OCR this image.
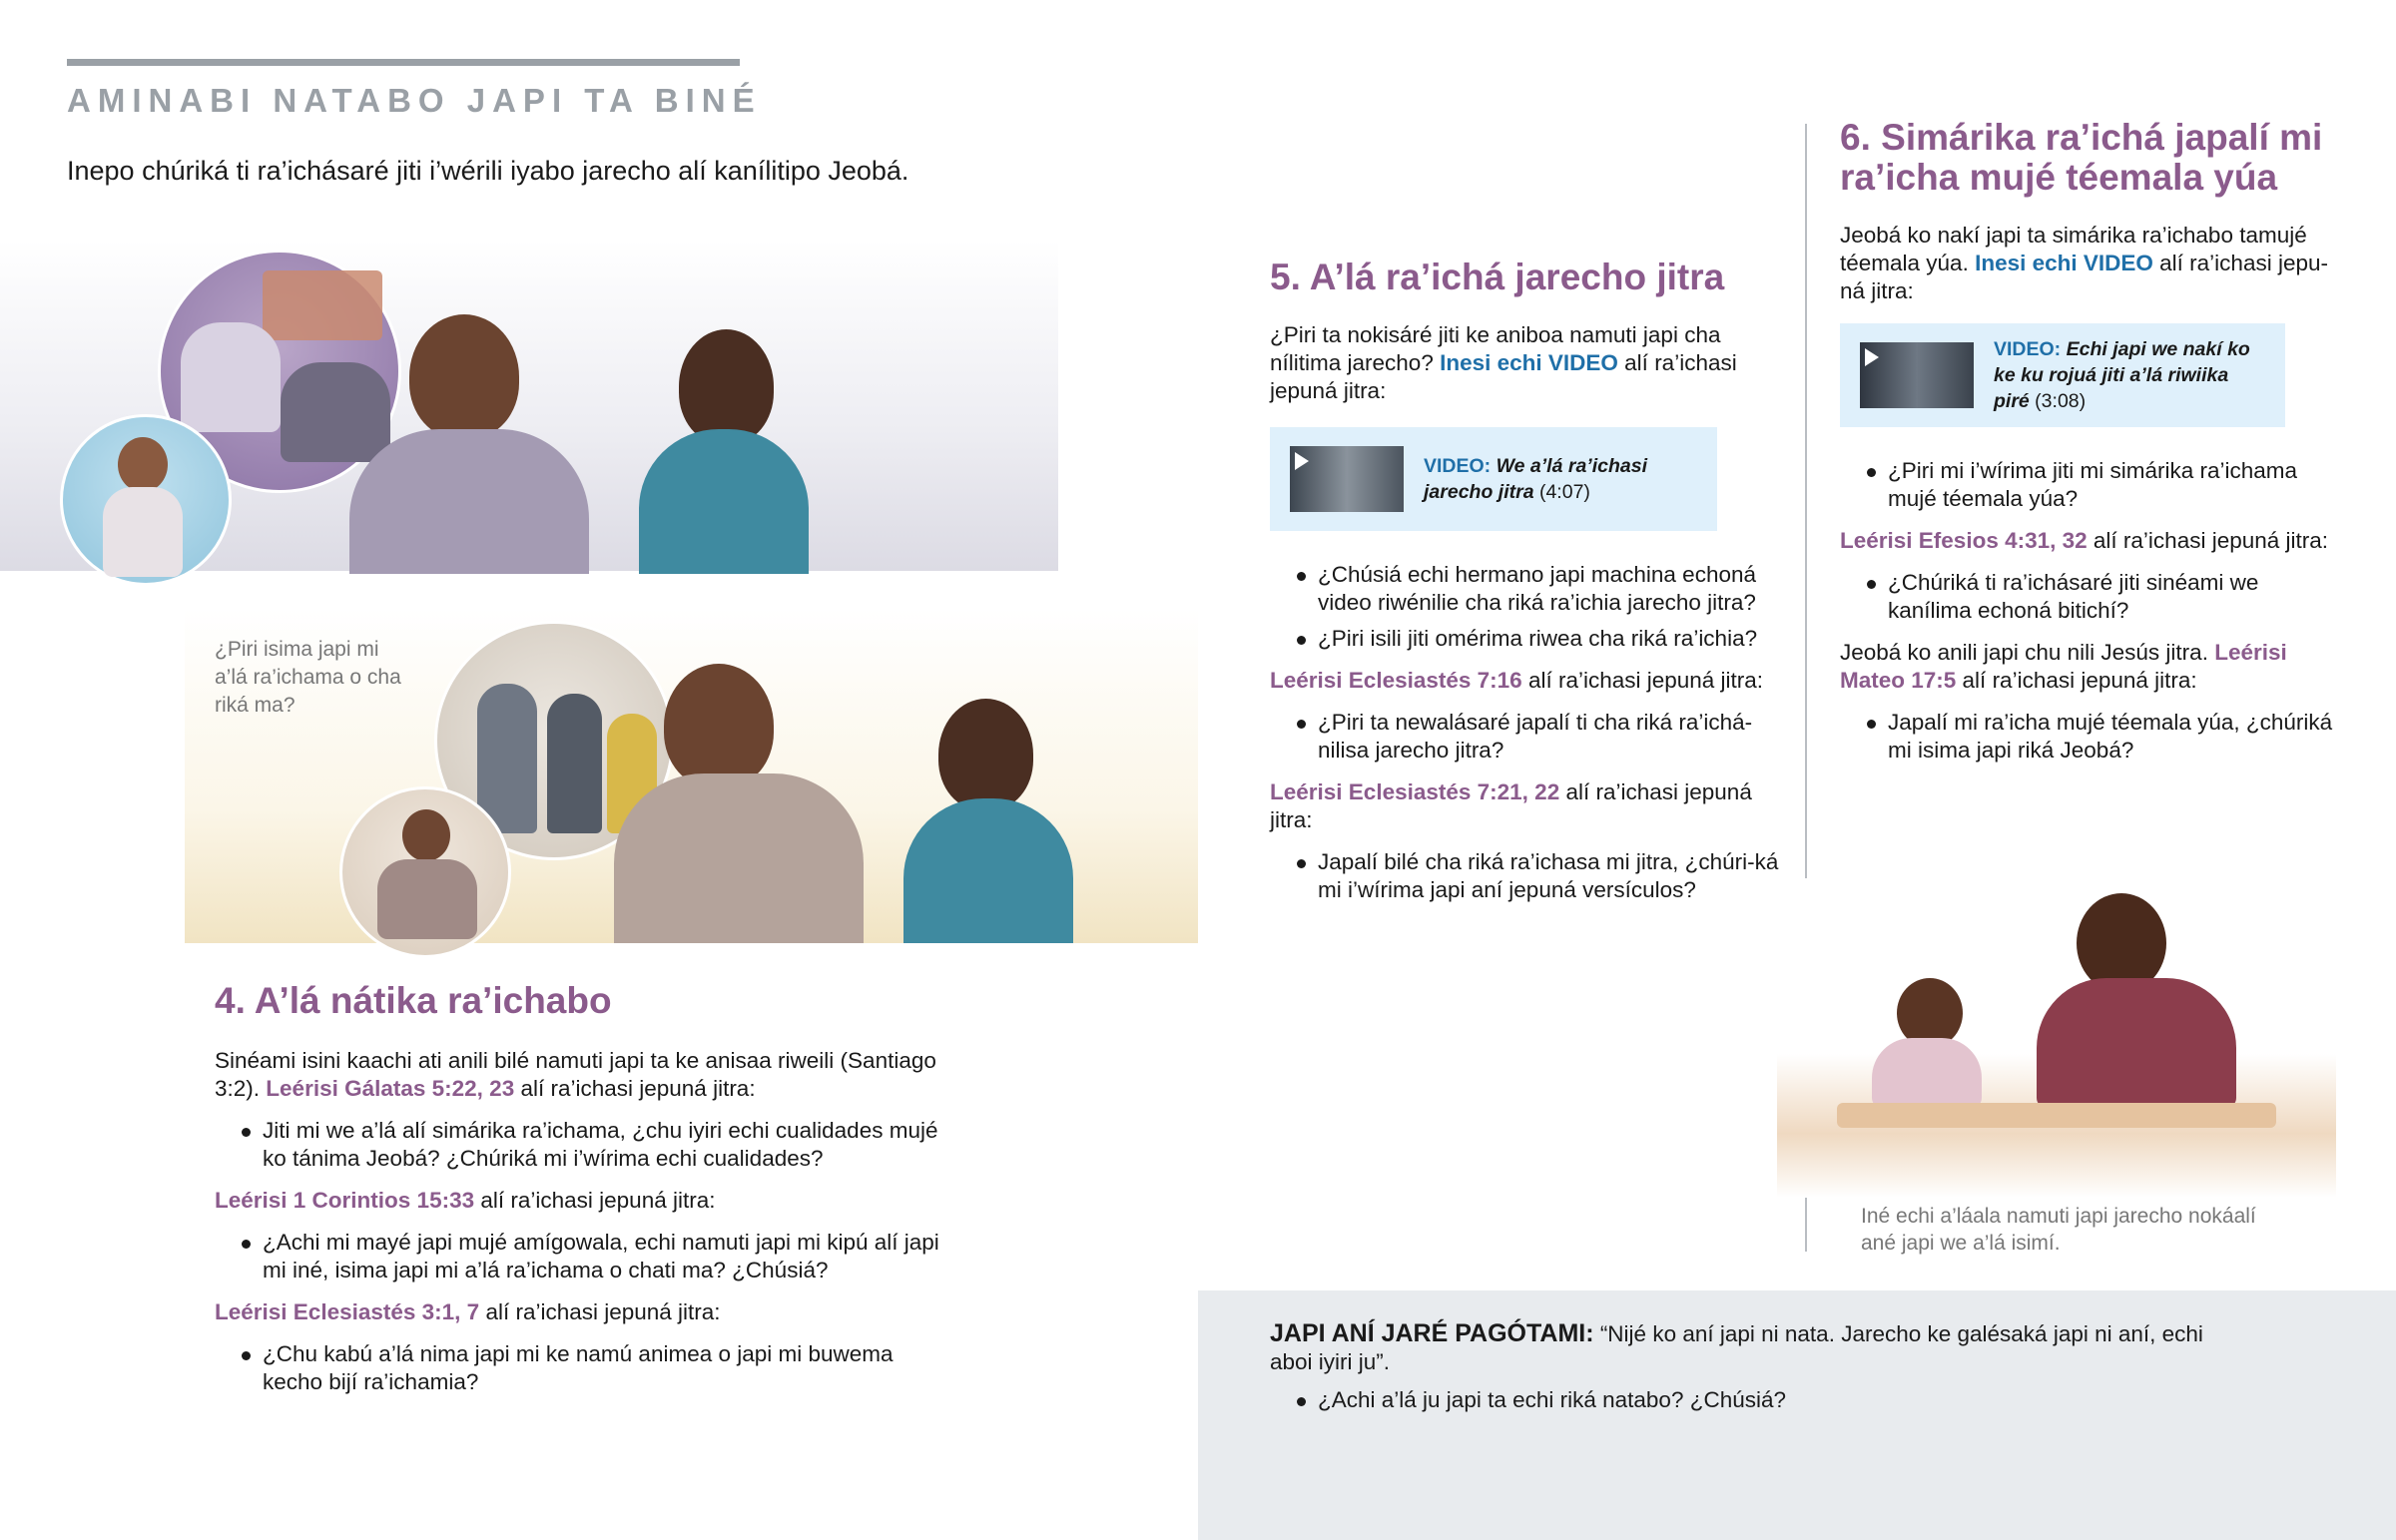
AMINABI NATABO JAPI TA BINÉ
Inepo chúriká ti ra’ichásaré jiti i’wérili iyabo jarecho alí kanílitipo Jeobá.
¿Piri isima japi mi a’lá ra’ichama o cha riká ma?
4. A’lá nátika ra’ichabo

Sinéami isini kaachi ati anili bilé namuti japi ta ke anisaa riweili (Santiago 3:2). Leérisi Gálatas 5:22, 23 alí ra’ichasi jepuná jitra:

Jiti mi we a’lá alí simárika ra’ichama, ¿chu iyiri echi cualidades mujé ko tánima Jeobá? ¿Chúriká mi i’wírima echi cualidades?

Leérisi 1 Corintios 15:33 alí ra’ichasi jepuná jitra:

¿Achi mi mayé japi mujé amígowala, echi namuti japi mi kipú alí japi mi iné, isima japi mi a’lá ra’ichama o chati ma? ¿Chúsiá?

Leérisi Eclesiastés 3:1, 7 alí ra’ichasi jepuná jitra:

¿Chu kabú a’lá nima japi mi ke namú animea o japi mi buwema kecho bijí ra’ichamia?
5. A’lá ra’ichá jarecho jitra

¿Piri ta nokisáré jiti ke aniboa namuti japi cha nílitima jarecho? Inesi echi VIDEO alí ra’ichasi jepuná jitra:

VIDEO: We a’lá ra’ichasi jarecho jitra (4:07)
¿Chúsiá echi hermano japi machina echoná video riwénilie cha riká ra’ichia jarecho jitra?
¿Piri isili jiti omérima riwea cha riká ra’ichia?

Leérisi Eclesiastés 7:16 alí ra’ichasi jepuná jitra:

¿Piri ta newalásaré japalí ti cha riká ra’ichá-nilisa jarecho jitra?

Leérisi Eclesiastés 7:21, 22 alí ra’ichasi jepuná jitra:

Japalí bilé cha riká ra’ichasa mi jitra, ¿chúri-ká mi i’wírima japi aní jepuná versículos?
6. Simárika ra’ichá japalí mi ra’icha mujé téemala yúa

Jeobá ko nakí japi ta simárika ra’ichabo tamujé téemala yúa. Inesi echi VIDEO alí ra’ichasi jepu-ná jitra:

VIDEO: Echi japi we nakí ko ke ku rojuá jiti a’lá riwiika piré (3:08)
¿Piri mi i’wírima jiti mi simárika ra’ichama mujé téemala yúa?

Leérisi Efesios 4:31, 32 alí ra’ichasi jepuná jitra:

¿Chúriká ti ra’ichásaré jiti sinéami we kanílima echoná bitichí?

Jeobá ko anili japi chu nili Jesús jitra. Leérisi Mateo 17:5 alí ra’ichasi jepuná jitra:

Japalí mi ra’icha mujé téemala yúa, ¿chúriká mi isima japi riká Jeobá?
Iné echi a’láala namuti japi jarecho nokáalí ané japi we a’lá isimí.

JAPI ANÍ JARÉ PAGÓTAMI: “Nijé ko aní japi ni nata. Jarecho ke galésaká japi ni aní, echi aboi iyiri ju”.

¿Achi a’lá ju japi ta echi riká natabo? ¿Chúsiá?
